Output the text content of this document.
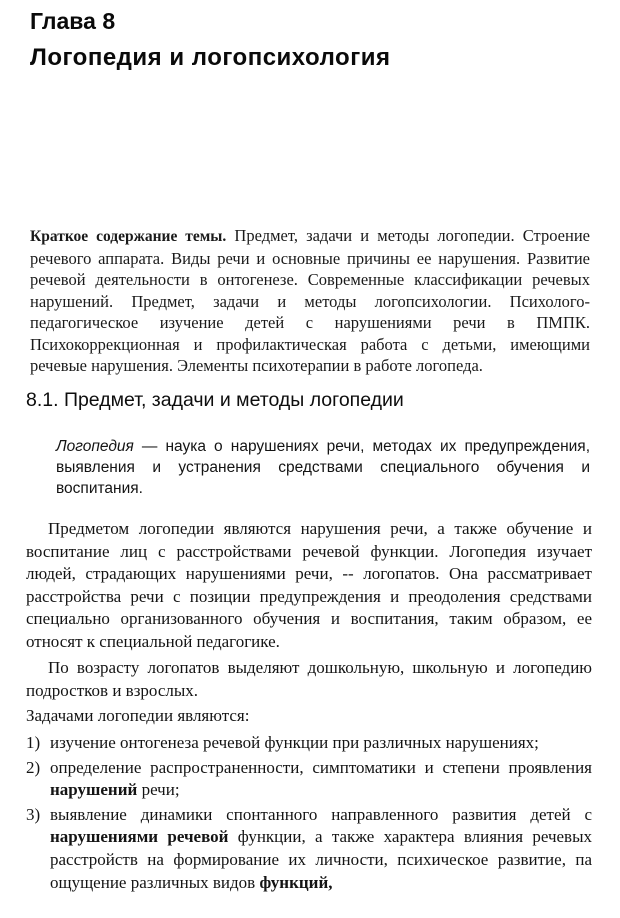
Глава 8
Логопедия и логопсихология
Краткое содержание темы. Предмет, задачи и методы логопедии. Строение речевого аппарата. Виды речи и основные причины ее нарушения. Развитие речевой деятельности в онтогенезе. Современные классификации речевых нарушений. Предмет, задачи и методы логопсихологии. Психолого-педагогическое изучение детей с нарушениями речи в ПМПК. Психокоррекционная и профилактическая работа с детьми, имеющими речевые нарушения. Элементы психотерапии в работе логопеда.
8.1. Предмет, задачи и методы логопедии
Логопедия — наука о нарушениях речи, методах их предупреждения, выявления и устранения средствами специального обучения и воспитания.
Предметом логопедии являются нарушения речи, а также обучение и воспитание лиц с расстройствами речевой функции. Логопедия изучает людей, страдающих нарушениями речи, -- логопатов. Она рассматривает расстройства речи с позиции предупреждения и преодоления средствами специально организованного обучения и воспитания, таким образом, ее относят к специальной педагогике.
По возрасту логопатов выделяют дошкольную, школьную и логопедию подростков и взрослых.
Задачами логопедии являются:
1) изучение онтогенеза речевой функции при различных нарушениях;
2) определение распространенности, симптоматики и степени проявления нарушений речи;
3) выявление динамики спонтанного направленного развития детей с нарушениями речевой функции, а также характера влияния речевых расстройств на формирование их личности, психическое развитие, па ощущение различных видов функций,
